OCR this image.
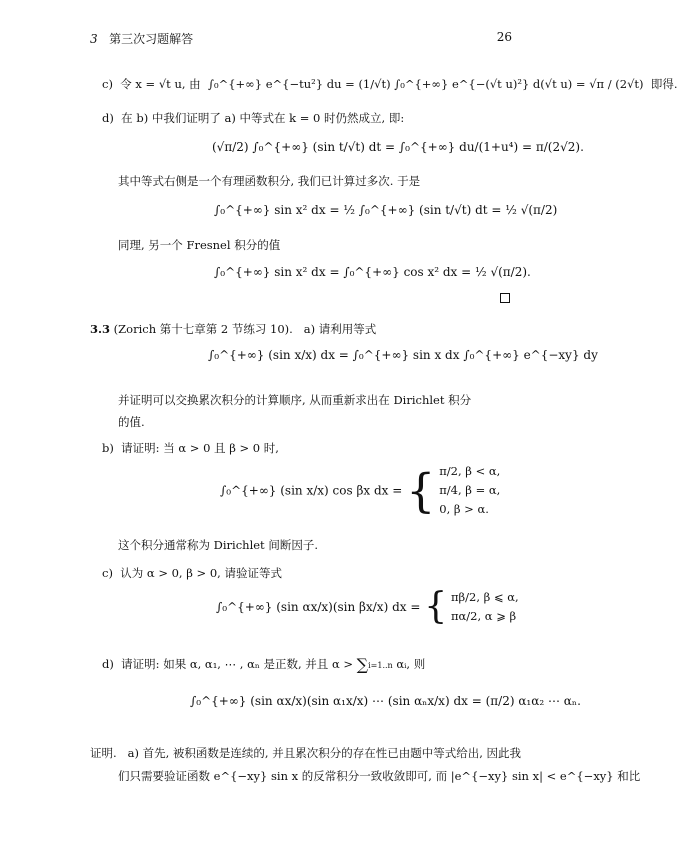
3 第三次习题解答	26
c) 令 x = √t u, 由 ∫₀^{+∞} e^{−tu²} du = (1/√t) ∫₀^{+∞} e^{−(√t u)²} d(√t u) = √π / (2√t) 即得.
d) 在 b) 中我们证明了 a) 中等式在 k = 0 时仍然成立, 即:
(√π/2) ∫₀^{+∞} (sin t/√t) dt = ∫₀^{+∞} du/(1+u⁴) = π/(2√2).
其中等式右侧是一个有理函数积分, 我们已计算过多次. 于是
∫₀^{+∞} sin x² dx = ½ ∫₀^{+∞} (sin t/√t) dt = ½ √(π/2)
同理, 另一个 Fresnel 积分的值
∫₀^{+∞} sin x² dx = ∫₀^{+∞} cos x² dx = ½ √(π/2).
3.3 (Zorich 第十七章第 2 节练习 10). a) 请利用等式
∫₀^{+∞} (sin x/x) dx = ∫₀^{+∞} sin x dx ∫₀^{+∞} e^{−xy} dy
并证明可以交换累次积分的计算顺序, 从而重新求出在 Dirichlet 积分
的值.
b) 请证明: 当 α > 0 且 β > 0 时,
∫₀^{+∞} (sin x/x) cos βx dx = { π/2, β < α,
π/4, β = α,
0, β > α.
这个积分通常称为 Dirichlet 间断因子.
c) 认为 α > 0, β > 0, 请验证等式
∫₀^{+∞} (sin αx/x)(sin βx/x) dx = { πβ/2, β ⩽ α,
πα/2, α ⩾ β
d) 请证明: 如果 α, α₁, ⋯ , αₙ 是正数, 并且 α > ∑i=1..n αᵢ, 则
∫₀^{+∞} (sin αx/x)(sin α₁x/x) ⋯ (sin αₙx/x) dx = (π/2) α₁α₂ ⋯ αₙ.
证明. a) 首先, 被积函数是连续的, 并且累次积分的存在性已由题中等式给出, 因此我
们只需要验证函数 e^{−xy} sin x 的反常积分一致收敛即可, 而 |e^{−xy} sin x| < e^{−xy} 和比
